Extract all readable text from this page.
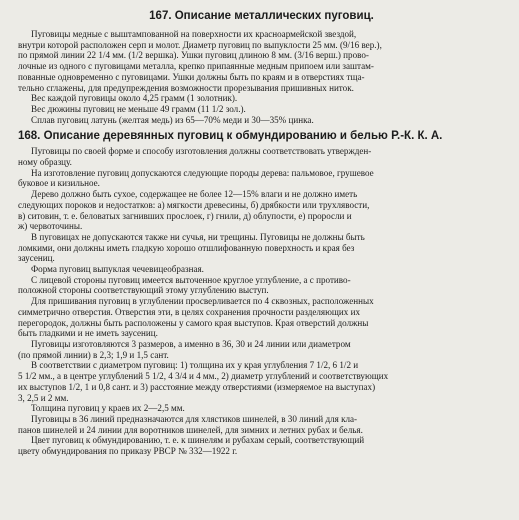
167. Описание металлических пуговиц.

Пуговицы медные с выштампованной на поверхности их красноармейской звездой,
внутри которой расположен серп и молот. Диаметр пуговиц по выпуклости 25 мм. (9/16 вер.),
по прямой линии 22 1/4 мм. (1/2 вершка). Ушки пуговиц длиною 8 мм. (3/16 верш.) прово-
лочные из одного с пуговицами металла, крепко припаянные медным припоем или заштам-
пованные одновременно с пуговицами. Ушки должны быть по краям и в отверстиях тща-
тельно сглажены, для предупреждения возможности прорезывания пришивных ниток.

Вес каждой пуговицы около 4,25 грамм (1 золотник).

Вес дюжины пуговиц не меньше 49 грамм (11 1/2 зол.).

Сплав пуговиц латунь (желтая медь) из 65—70% меди и 30—35% цинка.

168. Описание деревянных пуговиц к обмундированию и белью Р.-К. К. А.

Пуговицы по своей форме и способу изготовления должны соответствовать утвержден-
ному образцу.

На изготовление пуговиц допускаются следующие породы дерева: пальмовое, грушевое
буковое и кизильное.

Дерево должно быть сухое, содержащее не более 12—15% влаги и не должно иметь
следующих пороков и недостатков: а) мягкости древесины, б) дрябкости или трухлявости,
в) ситовин, т. е. беловатых загнивших прослоек, г) гнили, д) облупости, е) проросли и
ж) червоточины.

В пуговицах не допускаются также ни сучья, ни трещины. Пуговицы не должны быть
ломкими, они должны иметь гладкую хорошо отшлифованную поверхность и края без
заусениц.

Форма пуговиц выпуклая чечевицеобразная.

С лицевой стороны пуговиц имеется выточенное круглое углубление, а с противо-
положной стороны соответствующий этому углублению выступ.

Для пришивания пуговиц в углублении просверливается по 4 сквозных, расположенных
симметрично отверстия. Отверстия эти, в целях сохранения прочности разделяющих их
перегородок, должны быть расположены у самого края выступов. Края отверстий должны
быть гладкими и не иметь заусениц.

Пуговицы изготовляются 3 размеров, а именно в 36, 30 и 24 линии или диаметром
(по прямой линии) в 2,3; 1,9 и 1,5 сант.

В соответствии с диаметром пуговиц: 1) толщина их у края углубления 7 1/2, 6 1/2 и
5 1/2 мм., а в центре углублений 5 1/2, 4 3/4 и 4 мм., 2) диаметр углублений и соответствующих
их выступов 1/2, 1 и 0,8 сант. и 3) расстояние между отверстиями (измеряемое на выступах)
3, 2,5 и 2 мм.

Толщина пуговиц у краев их 2—2,5 мм.

Пуговицы в 36 линий предназначаются для хлястиков шинелей, в 30 линий для кла-
панов шинелей и 24 линии для воротников шинелей, для зимних и летних рубах и белья.

Цвет пуговиц к обмундированию, т. е. к шинелям и рубахам серый, соответствующий
цвету обмундирования по приказу РВСР № 332—1922 г.
